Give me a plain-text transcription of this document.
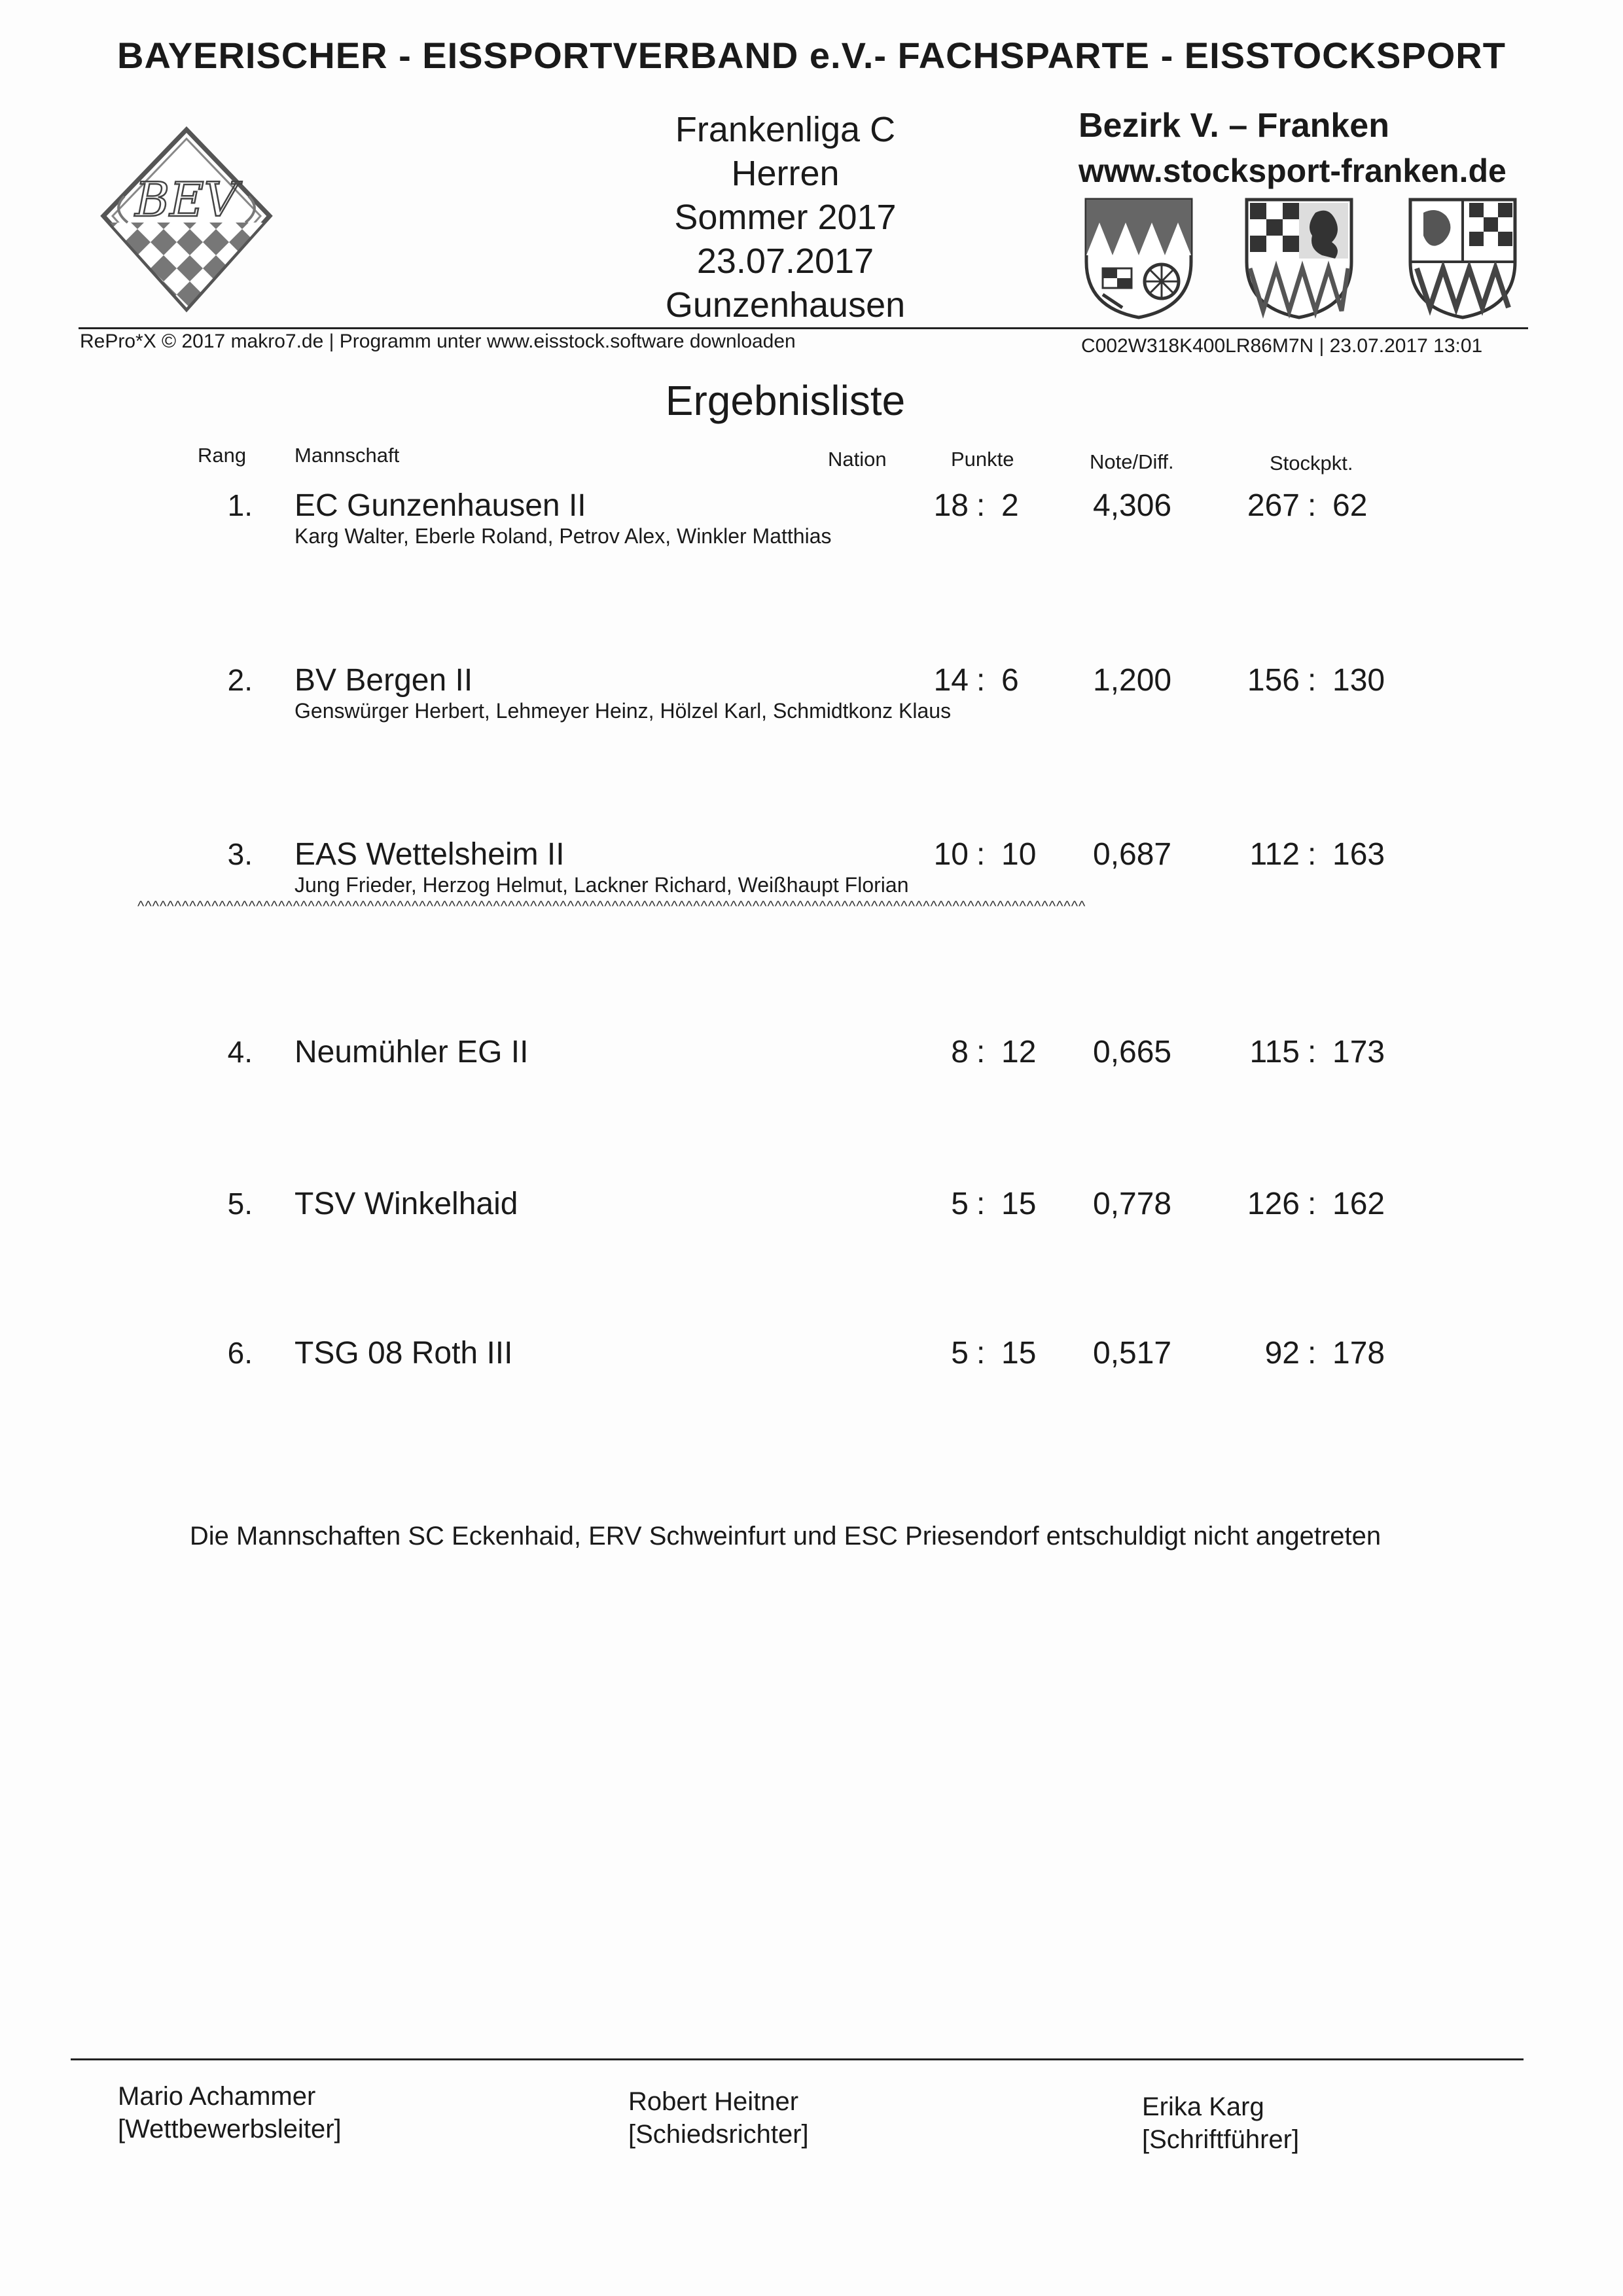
BAYERISCHER - EISSPORTVERBAND e.V.- FACHSPARTE - EISSTOCKSPORT
BEV
Frankenliga C
Herren
Sommer 2017
23.07.2017
Gunzenhausen
Bezirk V. – Franken
www.stocksport-franken.de
RePro*X © 2017 makro7.de | Programm unter www.eisstock.software downloaden	C002W318K400LR86M7N | 23.07.2017 13:01
Ergebnisliste
Rang Mannschaft	Nation	Punkte	Note/Diff.	Stockpkt.
1. EC Gunzenhausen II	18 : 2 4,306	267 : 62
Karg Walter, Eberle Roland, Petrov Alex, Winkler Matthias
2. BV Bergen II	14 : 6 1,200	156 : 130
Genswürger Herbert, Lehmeyer Heinz, Hölzel Karl, Schmidtkonz Klaus
3. EAS Wettelsheim II	10 : 10 0,687	112 : 163
Jung Frieder, Herzog Helmut, Lackner Richard, Weißhaupt Florian
^^^^^^^^^^^^^^^^^^^^^^^^^^^^^^^^^^^^^^^^^^^^^^^^^^^^^^^^^^^^^^^^^^^^^^^^^^^^^^^^^^^^^^^^^^^^^^^^^^^^^^^^^^^^^^^^^^^^^^^^^^^^^^^^
4. Neumühler EG II	8 : 12 0,665	115 : 173
5. TSV Winkelhaid	5 : 15 0,778	126 : 162
6. TSG 08 Roth III	5 : 15 0,517	92 : 178
Die Mannschaften SC Eckenhaid, ERV Schweinfurt und ESC Priesendorf entschuldigt nicht angetreten
Mario Achammer
[Wettbewerbsleiter]
Robert Heitner
[Schiedsrichter]
Erika Karg
[Schriftführer]
